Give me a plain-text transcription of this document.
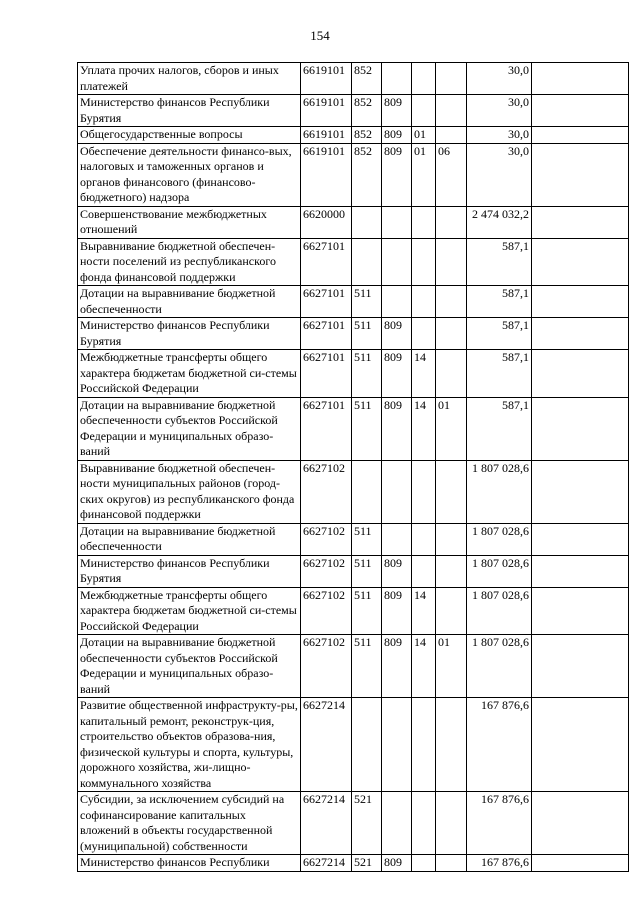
154
Уплата прочих налогов, сборов и иных платежей	6619101	852				30,0	
Министерство финансов Республики Бурятия	6619101	852	809			30,0	
Общегосударственные вопросы	6619101	852	809	01		30,0	
Обеспечение деятельности финансо-вых, налоговых и таможенных органов и органов финансового (финансово-бюджетного) надзора	6619101	852	809	01	06	30,0	
Совершенствование межбюджетных отношений	6620000					2 474 032,2	
Выравнивание бюджетной обеспечен-ности поселений из республиканского фонда финансовой поддержки	6627101					587,1	
Дотации на выравнивание бюджетной обеспеченности	6627101	511				587,1	
Министерство финансов Республики Бурятия	6627101	511	809			587,1	
Межбюджетные трансферты общего характера бюджетам бюджетной си-стемы Российской Федерации	6627101	511	809	14		587,1	
Дотации на выравнивание бюджетной обеспеченности субъектов Российской Федерации и муниципальных образо-ваний	6627101	511	809	14	01	587,1	
Выравнивание бюджетной обеспечен-ности муниципальных районов (город-ских округов) из республиканского фонда финансовой поддержки	6627102					1 807 028,6	
Дотации на выравнивание бюджетной обеспеченности	6627102	511				1 807 028,6	
Министерство финансов Республики Бурятия	6627102	511	809			1 807 028,6	
Межбюджетные трансферты общего характера бюджетам бюджетной си-стемы Российской Федерации	6627102	511	809	14		1 807 028,6	
Дотации на выравнивание бюджетной обеспеченности субъектов Российской Федерации и муниципальных образо-ваний	6627102	511	809	14	01	1 807 028,6	
Развитие общественной инфраструкту-ры, капитальный ремонт, реконструк-ция, строительство объектов образова-ния, физической культуры и спорта, культуры, дорожного хозяйства, жи-лищно-коммунального хозяйства	6627214					167 876,6	
Субсидии, за исключением субсидий на софинансирование капитальных вложений в объекты государственной (муниципальной) собственности	6627214	521				167 876,6	
Министерство финансов Республики	6627214	521	809			167 876,6	
